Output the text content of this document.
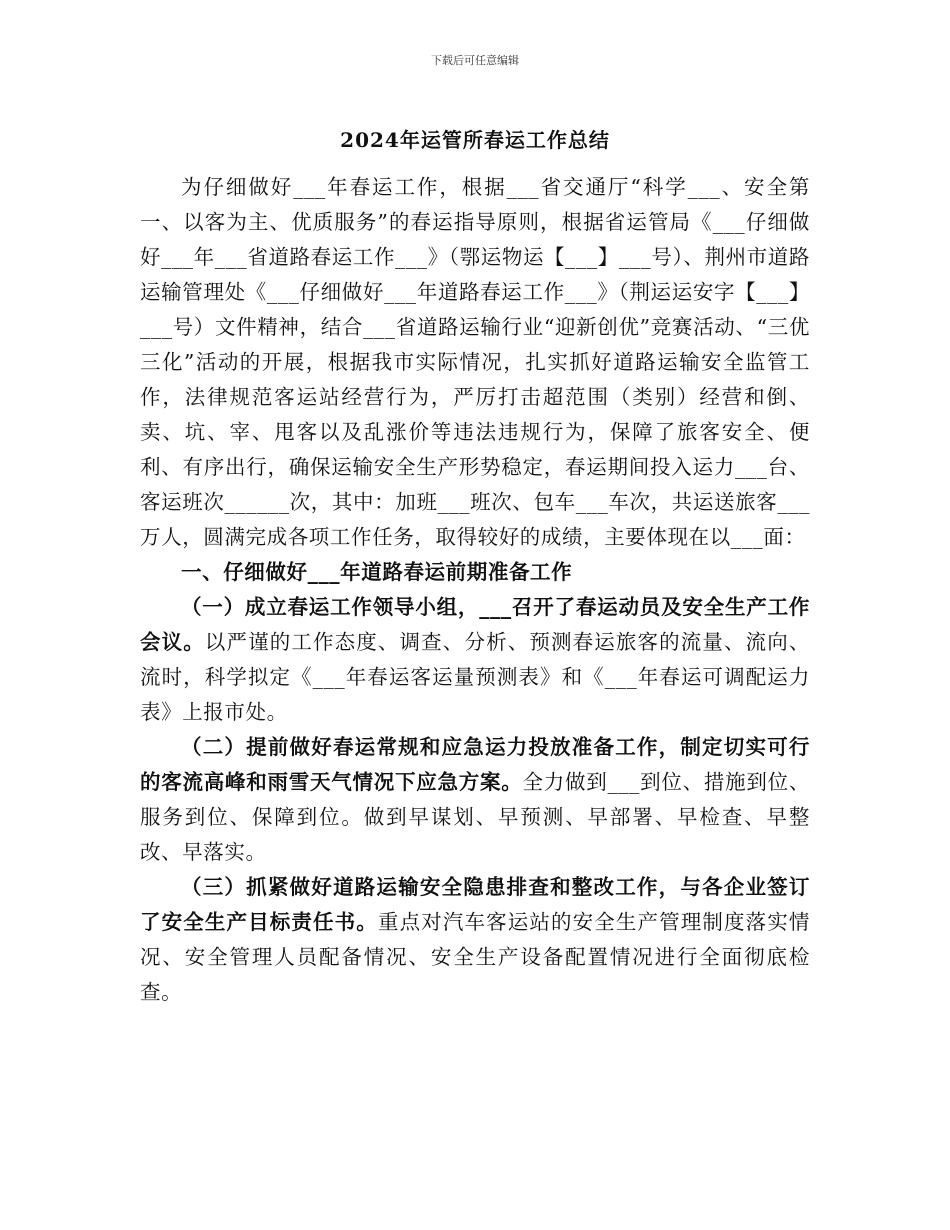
下载后可任意编辑
2024年运管所春运工作总结

为仔细做好___年春运工作，根据___省交通厅“科学___、安全第一、以客为主、优质服务”的春运指导原则，根据省运管局《___仔细做好___年___省道路春运工作___》（鄂运物运【___】___号）、荆州市道路运输管理处《___仔细做好___年道路春运工作___》（荆运运安字【___】___号）文件精神，结合___省道路运输行业“迎新创优”竞赛活动、“三优三化”活动的开展，根据我市实际情况，扎实抓好道路运输安全监管工作，法律规范客运站经营行为，严厉打击超范围（类别）经营和倒、卖、坑、宰、甩客以及乱涨价等违法违规行为，保障了旅客安全、便利、有序出行，确保运输安全生产形势稳定，春运期间投入运力___台、客运班次______次，其中：加班___班次、包车___车次，共运送旅客___万人，圆满完成各项工作任务，取得较好的成绩，主要体现在以___面：

一、仔细做好___年道路春运前期准备工作

（一）成立春运工作领导小组，___召开了春运动员及安全生产工作会议。以严谨的工作态度、调查、分析、预测春运旅客的流量、流向、流时，科学拟定《___年春运客运量预测表》和《___年春运可调配运力表》上报市处。

（二）提前做好春运常规和应急运力投放准备工作，制定切实可行的客流高峰和雨雪天气情况下应急方案。全力做到___到位、措施到位、服务到位、保障到位。做到早谋划、早预测、早部署、早检查、早整改、早落实。

（三）抓紧做好道路运输安全隐患排查和整改工作，与各企业签订了安全生产目标责任书。重点对汽车客运站的安全生产管理制度落实情况、安全管理人员配备情况、安全生产设备配置情况进行全面彻底检查。
